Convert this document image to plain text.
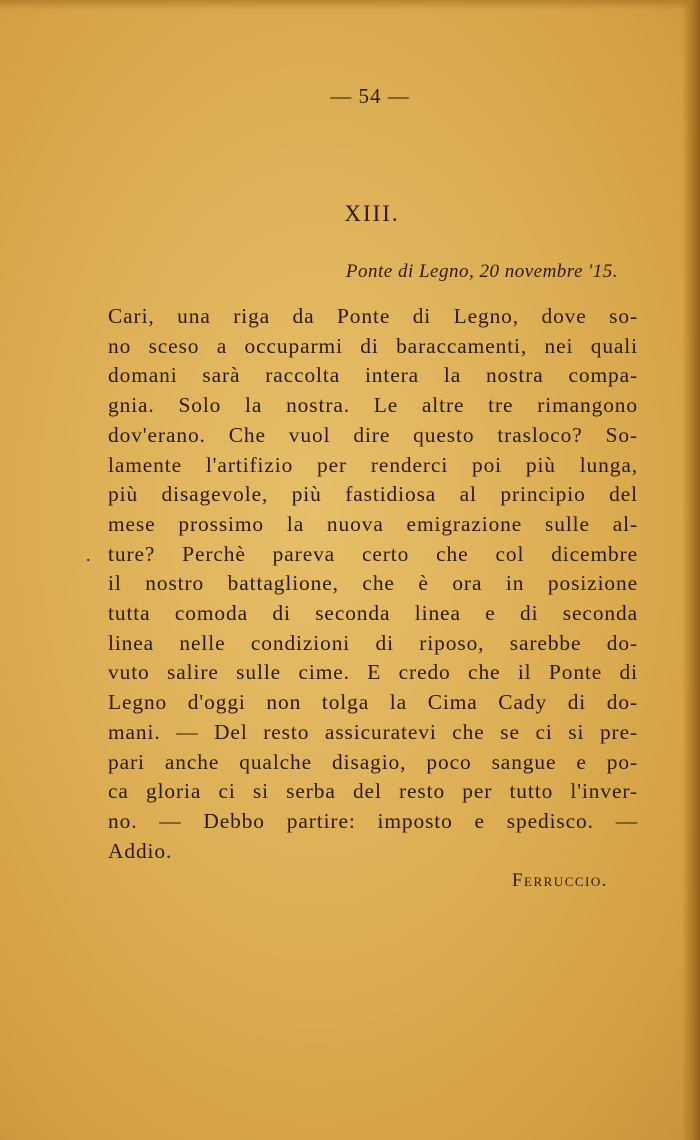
— 54 —
XIII.
Ponte di Legno, 20 novembre '15.
.
Cari, una riga da Ponte di Legno, dove so-
no sceso a occuparmi di baraccamenti, nei quali
domani sarà raccolta intera la nostra compa-
gnia. Solo la nostra. Le altre tre rimangono
dov'erano. Che vuol dire questo trasloco? So-
lamente l'artifizio per renderci poi più lunga,
più disagevole, più fastidiosa al principio del
mese prossimo la nuova emigrazione sulle al-
ture? Perchè pareva certo che col dicembre
il nostro battaglione, che è ora in posizione
tutta comoda di seconda linea e di seconda
linea nelle condizioni di riposo, sarebbe do-
vuto salire sulle cime. E credo che il Ponte di
Legno d'oggi non tolga la Cima Cady di do-
mani. — Del resto assicuratevi che se ci si pre-
pari anche qualche disagio, poco sangue e po-
ca gloria ci si serba del resto per tutto l'inver-
no. — Debbo partire: imposto e spedisco. —
Addio.
Ferruccio.
